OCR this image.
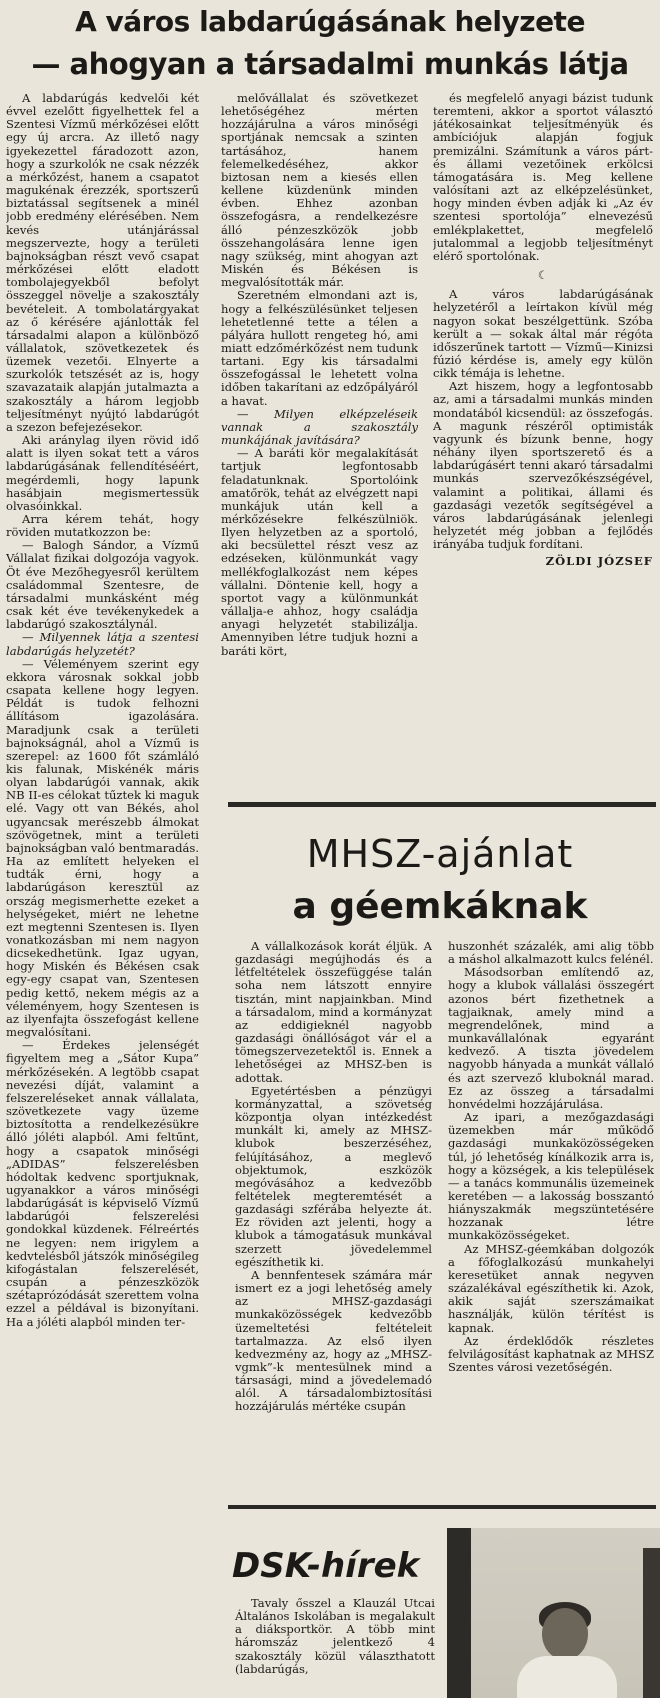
A város labdarúgásának helyzete
— ahogyan a társadalmi munkás látja

A labdarúgás kedvelői két évvel ezelőtt figyelhettek fel a Szentesi Vízmű mérkőzései előtt egy új arcra. Az illető nagy igyekezettel fáradozott azon, hogy a szurkolók ne csak nézzék a mérkőzést, hanem a csapatot magukénak érezzék, sportszerű biztatással segítsenek a minél jobb eredmény elérésében. Nem kevés utánjárással megszervezte, hogy a területi bajnokságban részt vevő csapat mérkőzései előtt eladott tombolajegyekből befolyt összeggel növelje a szakosztály bevételeit. A tombolatárgyakat az ő kérésére ajánlották fel társadalmi alapon a különböző vállalatok, szövetkezetek és üzemek vezetői. Elnyerte a szurkolók tetszését az is, hogy szavazataik alapján jutalmazta a szakosztály a három legjobb teljesítményt nyújtó labdarúgót a szezon befejezésekor.

Aki aránylag ilyen rövid idő alatt is ilyen sokat tett a város labdarúgásának fellendítéséért, megérdemli, hogy lapunk hasábjain megismertessük olvasóinkkal.

Arra kérem tehát, hogy röviden mutatkozzon be:

— Balogh Sándor, a Vízmű Vállalat fizikai dolgozója vagyok. Öt éve Mezőhegyesről kerültem családommal Szentesre, de társadalmi munkásként még csak két éve tevékenykedek a labdarúgó szakosztálynál.

— Milyennek látja a szentesi labdarúgás helyzetét?

— Véleményem szerint egy ekkora városnak sokkal jobb csapata kellene hogy legyen. Példát is tudok felhozni állításom igazolására. Maradjunk csak a területi bajnokságnál, ahol a Vízmű is szerepel: az 1600 főt számláló kis falunak, Miskénék máris olyan labdarúgói vannak, akik NB II-es célokat tűztek ki maguk elé. Vagy ott van Békés, ahol ugyancsak merészebb álmokat szövögetnek, mint a területi bajnokságban való bentmaradás. Ha az említett helyeken el tudták érni, hogy a labdarúgáson keresztül az ország megismerhette ezeket a helységeket, miért ne lehetne ezt megtenni Szentesen is. Ilyen vonatkozásban mi nem nagyon dicsekedhetünk. Igaz ugyan, hogy Miskén és Békésen csak egy-egy csapat van, Szentesen pedig kettő, nekem mégis az a véleményem, hogy Szentesen is az ilyenfajta összefogást kellene megvalósítani.

— Érdekes jelenségét figyeltem meg a „Sátor Kupa” mérkőzésekén. A legtöbb csapat nevezési díját, valamint a felszereléseket annak vállalata, szövetkezete vagy üzeme biztosította a rendelkezésükre álló jóléti alapból. Ami feltűnt, hogy a csapatok minőségi „ADIDAS” felszerelésben hódoltak kedvenc sportjuknak, ugyanakkor a város minőségi labdarúgását is képviselő Vízmű labdarúgói felszerelési gondokkal küzdenek. Félreértés ne legyen: nem irigylem a kedvtelésből játszók minőségileg kifogástalan felszerelését, csupán a pénzeszközök szétaprózódását szerettem volna ezzel a példával is bizonyítani. Ha a jóléti alapból minden ter-

melővállalat és szövetkezet lehetőségéhez mérten hozzájárulna a város minőségi sportjának nemcsak a szinten tartásához, hanem felemelkedéséhez, akkor biztosan nem a kiesés ellen kellene küzdenünk minden évben. Ehhez azonban összefogásra, a rendelkezésre álló pénzeszközök jobb összehangolására lenne igen nagy szükség, mint ahogyan azt Miskén és Békésen is megvalósították már.

Szeretném elmondani azt is, hogy a felkészülésünket teljesen lehetetlenné tette a télen a pályára hullott rengeteg hó, ami miatt edzőmérkőzést nem tudunk tartani. Egy kis társadalmi összefogással le lehetett volna időben takarítani az edzőpályáról a havat.

— Milyen elképzeléseik vannak a szakosztály munkájának javítására?

— A baráti kör megalakítását tartjuk legfontosabb feladatunknak. Sportolóink amatőrök, tehát az elvégzett napi munkájuk után kell a mérkőzésekre felkészülniök. Ilyen helyzetben az a sportoló, aki becsülettel részt vesz az edzéseken, különmunkát vagy mellékfoglalkozást nem képes vállalni. Döntenie kell, hogy a sportot vagy a különmunkát vállalja-e ahhoz, hogy családja anyagi helyzetét stabilizálja. Amennyiben létre tudjuk hozni a baráti kört,

és megfelelő anyagi bázist tudunk teremteni, akkor a sportot választó játékosainkat teljesítményük és ambíciójuk alapján fogjuk premizálni. Számítunk a város párt- és állami vezetőinek erkölcsi támogatására is. Meg kellene valósítani azt az elképzelésünket, hogy minden évben adják ki „Az év szentesi sportolója” elnevezésű emlékplakettet, megfelelő jutalommal a legjobb teljesítményt elérő sportolónak.

☾

A város labdarúgásának helyzetéről a leírtakon kívül még nagyon sokat beszélgettünk. Szóba került a — sokak által már régóta időszerűnek tartott — Vízmű—Kinizsi fúzió kérdése is, amely egy külön cikk témája is lehetne.

Azt hiszem, hogy a legfontosabb az, ami a társadalmi munkás minden mondatából kicsendül: az összefogás. A magunk részéről optimisták vagyunk és bízunk benne, hogy néhány ilyen sportszerető és a labdarúgásért tenni akaró társadalmi munkás szervezőkészségével, valamint a politikai, állami és gazdasági vezetők segítségével a város labdarúgásának jelenlegi helyzetét még jobban a fejlődés irányába tudjuk fordítani.

ZÖLDI JÓZSEF

MHSZ-ajánlat
a géemkáknak

A vállalkozások korát éljük. A gazdasági megújhodás és a létfeltételek összefüggése talán soha nem látszott ennyire tisztán, mint napjainkban. Mind a társadalom, mind a kormányzat az eddigieknél nagyobb gazdasági önállóságot vár el a tömegszervezetektől is. Ennek a lehetőségei az MHSZ-ben is adottak.

Egyetértésben a pénzügyi kormányzattal, a szövetség központja olyan intézkedést munkált ki, amely az MHSZ-klubok beszerzéséhez, felújításához, a meglevő objektumok, eszközök megóvásához a kedvezőbb feltételek megteremtését a gazdasági szférába helyezte át. Ez röviden azt jelenti, hogy a klubok a támogatásuk munkával szerzett jövedelemmel egészíthetik ki.

A bennfentesek számára már ismert ez a jogi lehetőség amely az MHSZ-gazdasági munkaközösségek kedvezőbb üzemeltetési feltételeit tartalmazza. Az első ilyen kedvezmény az, hogy az „MHSZ-vgmk”-k mentesülnek mind a társasági, mind a jövedelemadó alól. A társadalombiztosítási hozzájárulás mértéke csupán

huszonhét százalék, ami alig több a máshol alkalmazott kulcs felénél.

Másodsorban említendő az, hogy a klubok vállalási összegért azonos bért fizethetnek a tagjaiknak, amely mind a megrendelőnek, mind a munkavállalónak egyaránt kedvező. A tiszta jövedelem nagyobb hányada a munkát vállaló és azt szervező kluboknál marad. Ez az összeg a társadalmi honvédelmi hozzájárulása.

Az ipari, a mezőgazdasági üzemekben már működő gazdasági munkaközösségeken túl, jó lehetőség kínálkozik arra is, hogy a községek, a kis települések — a tanács kommunális üzemeinek keretében — a lakosság bosszantó hiányszakmák megszüntetésére hozzanak létre munkaközösségeket.

Az MHSZ-géemkában dolgozók a főfoglalkozású munkahelyi keresetüket annak negyven százalékával egészíthetik ki. Azok, akik saját szerszámaikat használják, külön térítést is kapnak.

Az érdeklődők részletes felvilágosítást kaphatnak az MHSZ Szentes városi vezetőségén.

DSK-hírek

Tavaly ősszel a Klauzál Utcai Általános Iskolában is megalakult a diáksportkör. A több mint háromszáz jelentkező 4 szakosztály közül választhatott (labdarúgás,
